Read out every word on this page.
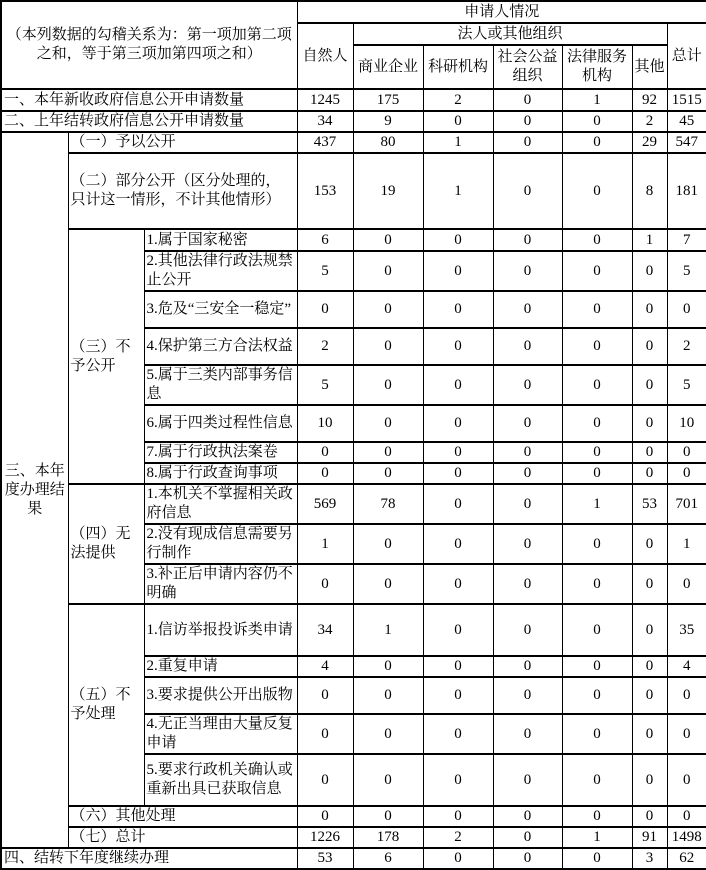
（本列数据的勾稽关系为：第一项加第二项之和，等于第三项加第四项之和）			申请人情况						
			自然人	法人或其他组织					总计
				商业企业	科研机构	社会公益组织	法律服务机构	其他	
一、本年新收政府信息公开申请数量			1245	175	2	0	1	92	1515
二、上年结转政府信息公开申请数量			34	9	0	0	0	2	45
三、本年度办理结果	（一）予以公开		437	80	1	0	0	29	547
	（二）部分公开（区分处理的，只计这一情形，不计其他情形）		153	19	1	0	0	8	181
	（三）不予公开	1.属于国家秘密	6	0	0	0	0	1	7
		2.其他法律行政法规禁止公开	5	0	0	0	0	0	5
		3.危及“三安全一稳定”	0	0	0	0	0	0	0
		4.保护第三方合法权益	2	0	0	0	0	0	2
		5.属于三类内部事务信息	5	0	0	0	0	0	5
		6.属于四类过程性信息	10	0	0	0	0	0	10
		7.属于行政执法案卷	0	0	0	0	0	0	0
		8.属于行政查询事项	0	0	0	0	0	0	0
	（四）无法提供	1.本机关不掌握相关政府信息	569	78	0	0	1	53	701
		2.没有现成信息需要另行制作	1	0	0	0	0	0	1
		3.补正后申请内容仍不明确	0	0	0	0	0	0	0
	（五）不予处理	1.信访举报投诉类申请	34	1	0	0	0	0	35
		2.重复申请	4	0	0	0	0	0	4
		3.要求提供公开出版物	0	0	0	0	0	0	0
		4.无正当理由大量反复申请	0	0	0	0	0	0	0
		5.要求行政机关确认或重新出具已获取信息	0	0	0	0	0	0	0
	（六）其他处理		0	0	0	0	0	0	0
	（七）总计		1226	178	2	0	1	91	1498
四、结转下年度继续办理			53	6	0	0	0	3	62
